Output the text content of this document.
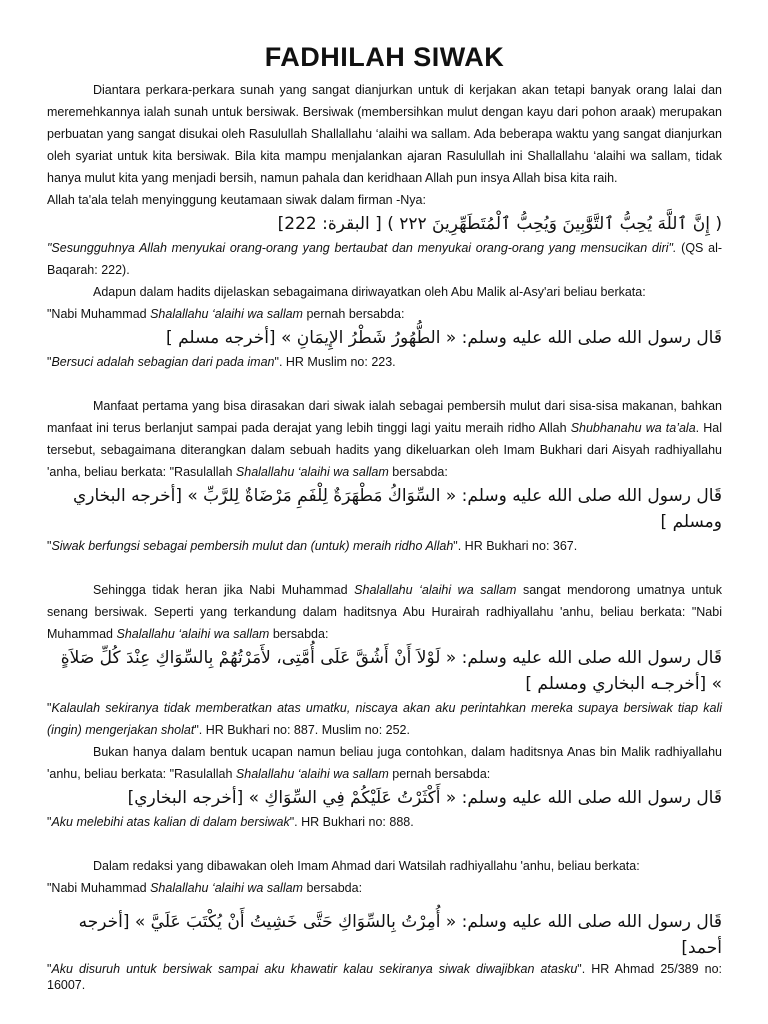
FADHILAH SIWAK

Diantara perkara-perkara sunah yang sangat dianjurkan untuk di kerjakan akan tetapi banyak orang lalai dan meremehkannya ialah sunah untuk bersiwak. Bersiwak (membersihkan mulut dengan kayu dari pohon araak) merupakan perbuatan yang sangat disukai oleh Rasulullah Shallallahu ‘alaihi wa sallam. Ada beberapa waktu yang sangat dianjurkan oleh syariat untuk kita bersiwak. Bila kita mampu menjalankan ajaran Rasulullah ini Shallallahu ‘alaihi wa sallam, tidak hanya mulut kita yang menjadi bersih, namun pahala dan keridhaan Allah pun insya Allah bisa kita raih.

Allah ta'ala telah menyinggung keutamaan siwak dalam firman -Nya:

( إِنَّ ٱللَّهَ يُحِبُّ ٱلتَّوَّٰبِينَ وَيُحِبُّ ٱلْمُتَطَهِّرِينَ ٢٢٢ ) [ البقرة: 222]

"Sesungguhnya Allah menyukai orang-orang yang bertaubat dan menyukai orang-orang yang mensucikan diri". (QS al-Baqarah: 222).

Adapun dalam hadits dijelaskan sebagaimana diriwayatkan oleh Abu Malik al-Asy'ari beliau berkata:

"Nabi Muhammad Shalallahu ‘alaihi wa sallam pernah bersabda:

قَال رسول الله صلى الله عليه وسلم: « الطُّهُورُ شَطْرُ الإِيمَانِ » [أخرجه مسلم ]

"Bersuci adalah sebagian dari pada iman". HR Muslim no: 223.

Manfaat pertama yang bisa dirasakan dari siwak ialah sebagai pembersih mulut dari sisa-sisa makanan, bahkan manfaat ini terus berlanjut sampai pada derajat yang lebih tinggi lagi yaitu meraih ridho Allah Shubhanahu wa ta’ala. Hal tersebut, sebagaimana diterangkan dalam sebuah hadits yang dikeluarkan oleh Imam Bukhari dari Aisyah radhiyallahu 'anha, beliau berkata: "Rasulallah Shalallahu ‘alaihi wa sallam bersabda:

قَال رسول الله صلى الله عليه وسلم: « السِّوَاكُ مَطْهَرَةٌ لِلْفَمِ مَرْضَاةٌ لِلرَّبِّ » [أخرجه البخاري ومسلم ]

"Siwak berfungsi sebagai pembersih mulut dan (untuk) meraih ridho Allah". HR Bukhari no: 367.

Sehingga tidak heran jika Nabi Muhammad Shalallahu ‘alaihi wa sallam sangat mendorong umatnya untuk senang bersiwak. Seperti yang terkandung dalam haditsnya Abu Hurairah radhiyallahu 'anhu, beliau berkata: "Nabi Muhammad Shalallahu ‘alaihi wa sallam bersabda:

قَال رسول الله صلى الله عليه وسلم: « لَوْلاَ أَنْ أَشُقَّ عَلَى أُمَّتِى، لأَمَرْتُهُمْ بِالسِّوَاكِ عِنْدَ كُلِّ صَلاَةٍ » [أخرجـه البخاري ومسلم ]

"Kalaulah sekiranya tidak memberatkan atas umatku, niscaya akan aku perintahkan mereka supaya bersiwak tiap kali (ingin) mengerjakan sholat". HR Bukhari no: 887. Muslim no: 252.

Bukan hanya dalam bentuk ucapan namun beliau juga contohkan, dalam haditsnya Anas bin Malik radhiyallahu 'anhu, beliau berkata: "Rasulallah Shalallahu ‘alaihi wa sallam pernah bersabda:

قَال رسول الله صلى الله عليه وسلم: « أَكْثَرْتُ عَلَيْكُمْ فِي السِّوَاكِ » [أخرجه البخاري]

"Aku melebihi atas kalian di dalam bersiwak". HR Bukhari no: 888.

Dalam redaksi yang dibawakan oleh Imam Ahmad dari Watsilah radhiyallahu 'anhu, beliau berkata:

"Nabi Muhammad Shalallahu ‘alaihi wa sallam bersabda:

قَال رسول الله صلى الله عليه وسلم: « أُمِرْتُ بِالسِّوَاكِ حَتَّى خَشِيتُ أَنْ يُكْتَبَ عَلَيَّ » [أخرجه أحمد]

"Aku disuruh untuk bersiwak sampai aku khawatir kalau sekiranya siwak diwajibkan atasku". HR Ahmad 25/389 no: 16007.
